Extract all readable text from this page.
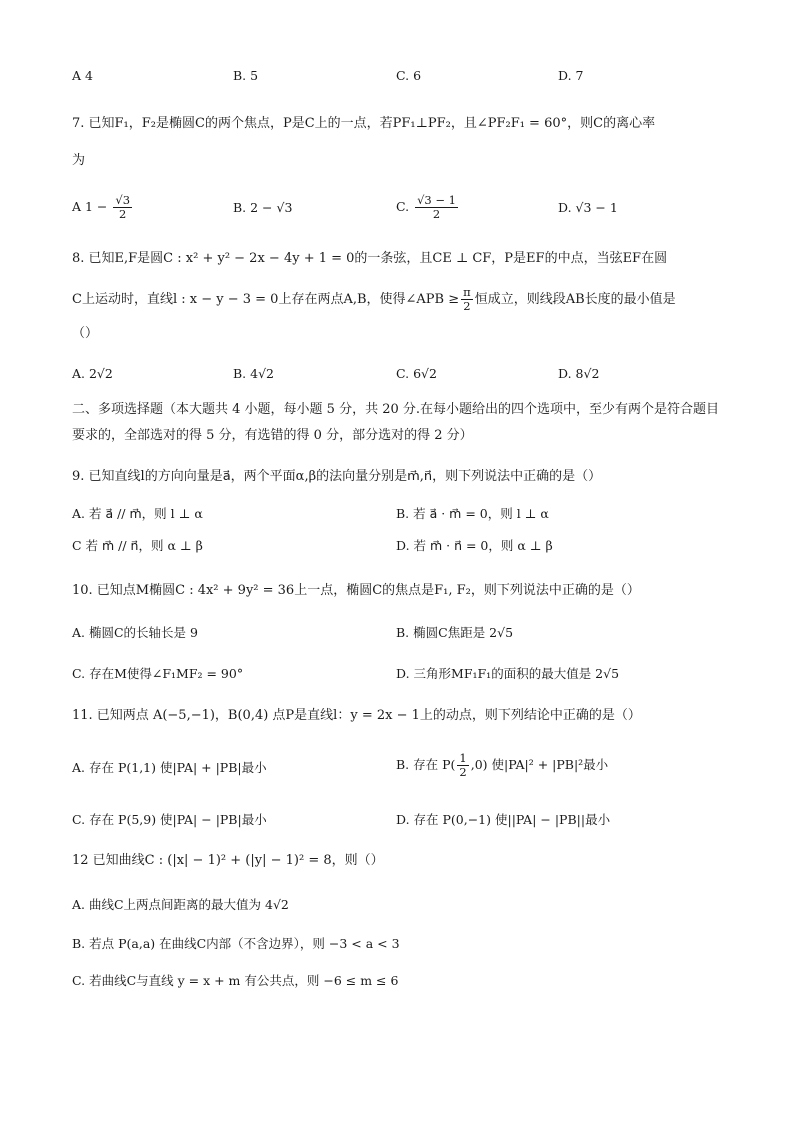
A 4	B. 5	C. 6	D. 7
7. 已知F₁，F₂是椭圆C的两个焦点，P是C上的一点，若PF₁⊥PF₂，且∠PF₂F₁ = 60°，则C的离心率
为
A $1 - \frac{√3}{2}$	B. 2 − √3	C. $\frac{√3 - 1}{2}$	D. √3 − 1
8. 已知E,F是圆C : x² + y² − 2x − 4y + 1 = 0的一条弦，且CE ⊥ CF，P是EF的中点，当弦EF在圆
C上运动时，直线l : x − y − 3 = 0上存在两点A,B，使得∠APB ≥ $\frac{\pi}{2}$ 恒成立，则线段AB长度的最小值是
（）
A. 2√2	B. 4√2	C. 6√2	D. 8√2
二、多项选择题（本大题共 4 小题，每小题 5 分，共 20 分.在每小题给出的四个选项中，至少有两个是符合题目要求的，全部选对的得 5 分，有选错的得 0 分，部分选对的得 2 分）
9. 已知直线l的方向向量是a⃗，两个平面α,β的法向量分别是m⃗,n⃗，则下列说法中正确的是（）
A. 若 a⃗ // m⃗，则 l ⊥ α	B. 若 a⃗ · m⃗ = 0，则 l ⊥ α
C 若 m⃗ // n⃗，则 α ⊥ β	D. 若 m⃗ · n⃗ = 0，则 α ⊥ β
10. 已知点M椭圆C : 4x² + 9y² = 36上一点，椭圆C的焦点是F₁, F₂，则下列说法中正确的是（）
A. 椭圆C的长轴长是 9	B. 椭圆C焦距是 2√5
C. 存在M使得∠F₁MF₂ = 90°	D. 三角形MF₁F₁的面积的最大值是 2√5
11. 已知两点 A(−5,−1)，B(0,4) 点P是直线l：y = 2x − 1上的动点，则下列结论中正确的是（）
A. 存在 P(1,1) 使|PA| + |PB|最小	B. 存在 $P( \frac{1}{2} ,0)$ 使|PA|² + |PB|²最小
C. 存在 P(5,9) 使|PA| − |PB|最小	D. 存在 P(0,−1) 使||PA| − |PB||最小
12 已知曲线C : (|x| − 1)² + (|y| − 1)² = 8，则（）
A. 曲线C上两点间距离的最大值为 4√2
B. 若点 P(a,a) 在曲线C内部（不含边界），则 −3 < a < 3
C. 若曲线C与直线 y = x + m 有公共点，则 −6 ≤ m ≤ 6
